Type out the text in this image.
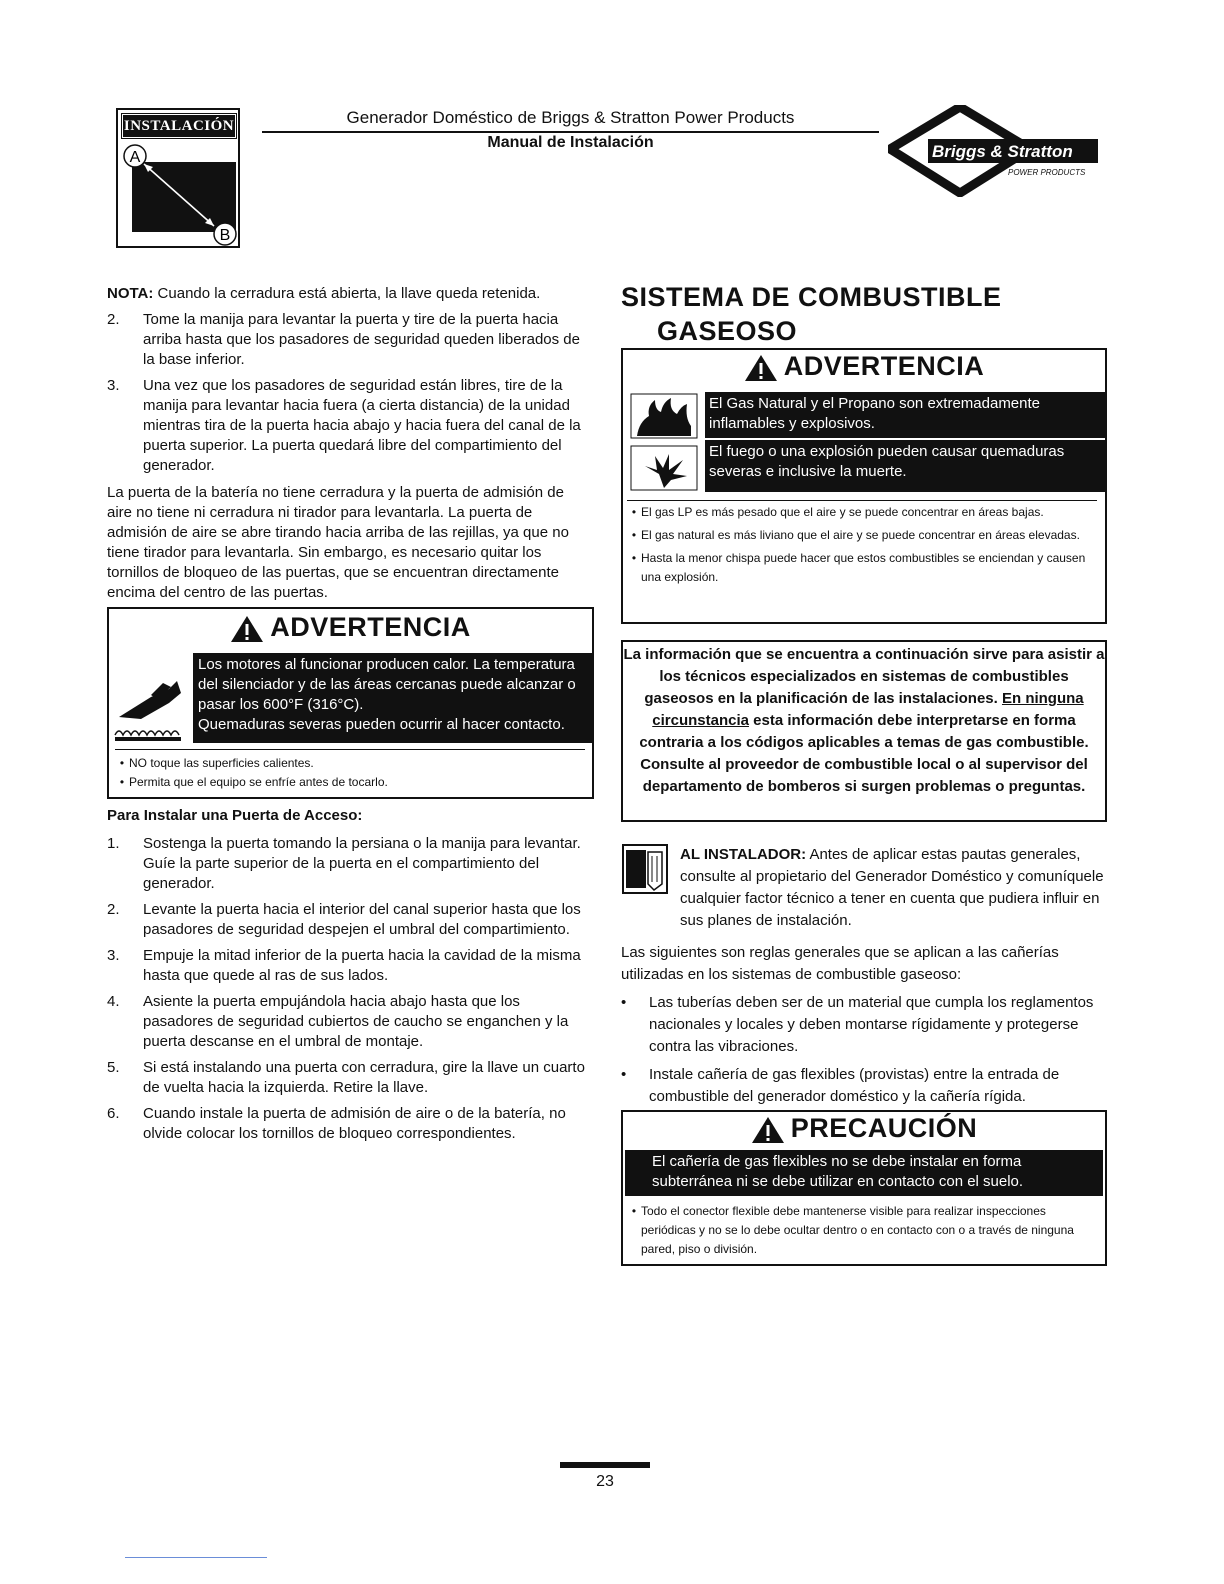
INSTALACIÓN
A
B
Generador Doméstico de Briggs & Stratton Power Products
Manual de Instalación	Briggs & Stratton
POWER PRODUCTS
NOTA: Cuando la cerradura está abierta, la llave queda retenida.
2.	Tome la manija para levantar la puerta y tire de la puerta hacia arriba hasta que los pasadores de seguridad queden liberados de la base inferior.
3.	Una vez que los pasadores de seguridad están libres, tire de la manija para levantar hacia fuera (a cierta distancia) de la unidad mientras tira de la puerta hacia abajo y hacia fuera del canal de la puerta superior. La puerta quedará libre del compartimiento del generador.
La puerta de la batería no tiene cerradura y la puerta de admisión de aire no tiene ni cerradura ni tirador para levantarla. La puerta de admisión de aire se abre tirando hacia arriba de las rejillas, ya que no tiene tirador para levantarla. Sin embargo, es necesario quitar los tornillos de bloqueo de las puertas, que se encuentran directamente encima del centro de las puertas.
ADVERTENCIA
Los motores al funcionar producen calor. La temperatura del silenciador y de las áreas cercanas puede alcanzar o pasar los 600°F (316°C).
Quemaduras severas pueden ocurrir al hacer contacto.
• NO toque las superficies calientes.
• Permita que el equipo se enfríe antes de tocarlo.
Para Instalar una Puerta de Acceso:
1.	Sostenga la puerta tomando la persiana o la manija para levantar. Guíe la parte superior de la puerta en el compartimiento del generador.
2.	Levante la puerta hacia el interior del canal superior hasta que los pasadores de seguridad despejen el umbral del compartimiento.
3.	Empuje la mitad inferior de la puerta hacia la cavidad de la misma hasta que quede al ras de sus lados.
4.	Asiente la puerta empujándola hacia abajo hasta que los pasadores de seguridad cubiertos de caucho se enganchen y la puerta descanse en el umbral de montaje.
5.	Si está instalando una puerta con cerradura, gire la llave un cuarto de vuelta hacia la izquierda. Retire la llave.
6.	Cuando instale la puerta de admisión de aire o de la batería, no olvide colocar los tornillos de bloqueo correspondientes.
SISTEMA DE COMBUSTIBLE
GASEOSO
ADVERTENCIA
El Gas Natural y el Propano son extremadamente inflamables y explosivos.
El fuego o una explosión pueden causar quemaduras severas e inclusive la muerte.
• El gas LP es más pesado que el aire y se puede concentrar en áreas bajas.
• El gas natural es más liviano que el aire y se puede concentrar en áreas elevadas.
• Hasta la menor chispa puede hacer que estos combustibles se enciendan y causen una explosión.
La información que se encuentra a continuación sirve para asistir a los técnicos especializados en sistemas de combustibles gaseosos en la planificación de las instalaciones. En ninguna circunstancia esta información debe interpretarse en forma contraria a los códigos aplicables a temas de gas combustible. Consulte al proveedor de combustible local o al supervisor del departamento de bomberos si surgen problemas o preguntas.
AL INSTALADOR: Antes de aplicar estas pautas generales, consulte al propietario del Generador Doméstico y comuníquele cualquier factor técnico a tener en cuenta que pudiera influir en sus planes de instalación.
Las siguientes son reglas generales que se aplican a las cañerías utilizadas en los sistemas de combustible gaseoso:
•	Las tuberías deben ser de un material que cumpla los reglamentos nacionales y locales y deben montarse rígidamente y protegerse contra las vibraciones.
•	Instale cañería de gas flexibles (provistas) entre la entrada de combustible del generador doméstico y la cañería rígida.
PRECAUCIÓN
El cañería de gas flexibles no se debe instalar en forma subterránea ni se debe utilizar en contacto con el suelo.
• Todo el conector flexible debe mantenerse visible para realizar inspecciones periódicas y no se lo debe ocultar dentro o en contacto con o a través de ninguna pared, piso o división.
23
